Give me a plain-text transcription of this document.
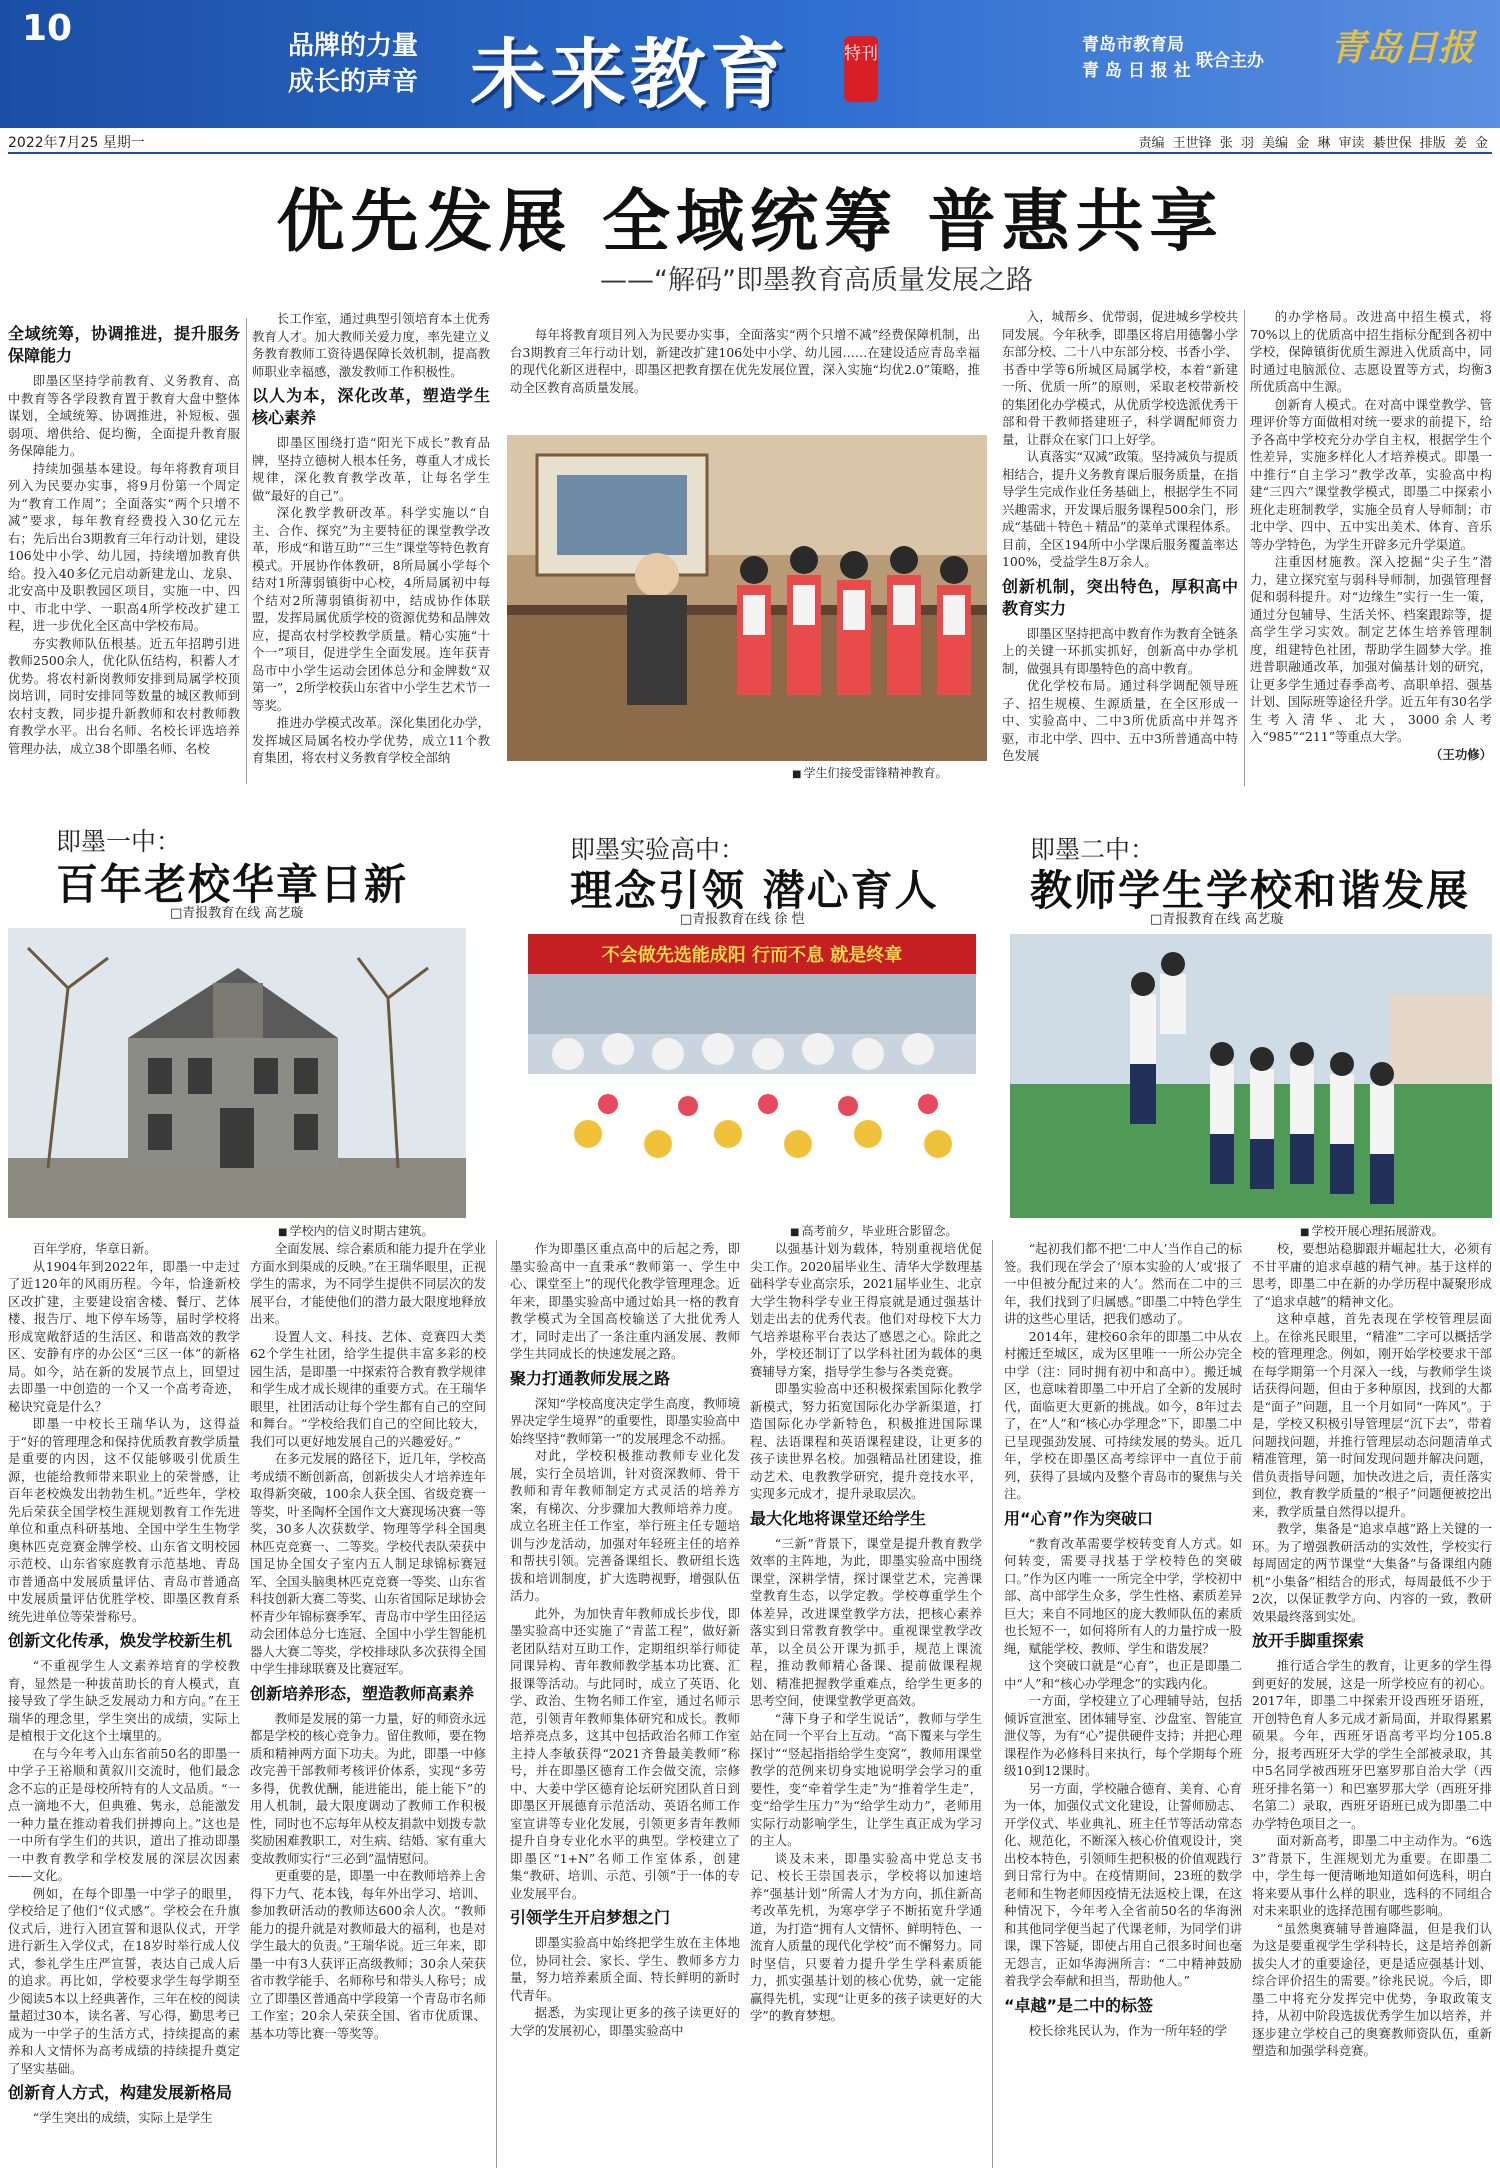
10	品牌的力量
成长的声音 未来教育	特刊	青岛市教育局
青 岛 日 报 社 联合主办 青岛日报
2022年7月25 星期一	责编 王世锋 张 羽 美编 金 琳 审读 綦世保 排版 姜 金
优先发展 全域统筹 普惠共享
——“解码”即墨教育高质量发展之路
全域统筹，协调推进，提升服务保障能力

即墨区坚持学前教育、义务教育、高中教育等各学段教育置于教育大盘中整体谋划，全域统筹、协调推进，补短板、强弱项、增供给、促均衡，全面提升教育服务保障能力。

持续加强基本建设。每年将教育项目列入为民要办实事，将9月份第一个周定为“教育工作周”；全面落实“两个只增不减”要求，每年教育经费投入30亿元左右；先后出台3期教育三年行动计划，建设106处中小学、幼儿园，持续增加教育供给。投入40多亿元启动新建龙山、龙泉、北安高中及职教园区项目，实施一中、四中、市北中学、一职高4所学校改扩建工程，进一步优化全区高中学校布局。

夯实教师队伍根基。近五年招聘引进教师2500余人，优化队伍结构，积蓄人才优势。将农村新岗教师安排到局属学校顶岗培训，同时安排同等数量的城区教师到农村支教，同步提升新教师和农村教师教育教学水平。出台名师、名校长评选培养管理办法，成立38个即墨名师、名校

长工作室，通过典型引领培育本土优秀教育人才。加大教师关爱力度，率先建立义务教育教师工资待遇保障长效机制，提高教师职业幸福感，激发教师工作积极性。

以人为本，深化改革，塑造学生核心素养

即墨区围绕打造“阳光下成长”教育品牌，坚持立德树人根本任务，尊重人才成长规律，深化教育教学改革，让每名学生做“最好的自己”。

深化教学教研改革。科学实施以“自主、合作、探究”为主要特征的课堂教学改革，形成“和谐互助”“三生”课堂等特色教育模式。开展协作体教研，8所局属小学每个结对1所薄弱镇街中心校，4所局属初中每个结对2所薄弱镇街初中，结成协作体联盟，发挥局属优质学校的资源优势和品牌效应，提高农村学校教学质量。精心实施“十个一”项目，促进学生全面发展。连年获青岛市中小学生运动会团体总分和金牌数“双第一”，2所学校获山东省中小学生艺术节一等奖。

推进办学模式改革。深化集团化办学，发挥城区局属名校办学优势，成立11个教育集团，将农村义务教育学校全部纳

每年将教育项目列入为民要办实事，全面落实“两个只增不减”经费保障机制，出台3期教育三年行动计划，新建改扩建106处中小学、幼儿园……在建设适应青岛幸福的现代化新区进程中，即墨区把教育摆在优先发展位置，深入实施“均优2.0”策略，推动全区教育高质量发展。

■ 学生们接受雷锋精神教育。

入，城帮乡、优带弱，促进城乡学校共同发展。今年秋季，即墨区将启用德馨小学东部分校、二十八中东部分校、书香小学、书香中学等6所城区局属学校，本着“新建一所、优质一所”的原则，采取老校带新校的集团化办学模式，从优质学校选派优秀干部和骨干教师搭建班子，科学调配师资力量，让群众在家门口上好学。

认真落实“双减”政策。坚持减负与提质相结合，提升义务教育课后服务质量，在指导学生完成作业任务基础上，根据学生不同兴趣需求，开发课后服务课程500余门，形成“基础＋特色＋精品”的菜单式课程体系。目前，全区194所中小学课后服务覆盖率达100%，受益学生8万余人。

创新机制，突出特色，厚积高中教育实力

即墨区坚持把高中教育作为教育全链条上的关键一环抓实抓好，创新高中办学机制，做强具有即墨特色的高中教育。

优化学校布局。通过科学调配领导班子、招生规模、生源质量，在全区形成一中、实验高中、二中3所优质高中并驾齐驱，市北中学、四中、五中3所普通高中特色发展

的办学格局。改进高中招生模式，将70%以上的优质高中招生指标分配到各初中学校，保障镇街优质生源进入优质高中，同时通过电脑派位、志愿设置等方式，均衡3所优质高中生源。

创新育人模式。在对高中课堂教学、管理评价等方面做相对统一要求的前提下，给予各高中学校充分办学自主权，根据学生个性差异，实施多样化人才培养模式。即墨一中推行“自主学习”教学改革，实验高中构建“三四六”课堂教学模式，即墨二中探索小班化走班制教学，实施全员育人导师制；市北中学、四中、五中实出美术、体育、音乐等办学特色，为学生开辟多元升学渠道。

注重因材施教。深入挖掘“尖子生”潜力，建立探究室与弱科导师制，加强管理督促和弱科提升。对“边缘生”实行一生一策，通过分包辅导、生活关怀、档案跟踪等，提高学生学习实效。制定艺体生培养管理制度，组建特色社团，帮助学生圆梦大学。推进普职融通改革，加强对偏基计划的研究，让更多学生通过春季高考、高职单招、强基计划、国际班等途径升学。近五年有30名学生考入清华、北大，3000余人考入“985”“211”等重点大学。

（王功修）
即墨一中：
百年老校华章日新
□青报教育在线 高艺璇
即墨实验高中：
理念引领 潜心育人
□青报教育在线 徐 恺
即墨二中：
教师学生学校和谐发展
□青报教育在线 高艺璇
■ 学校内的信义时期古建筑。
不会做先选能成阳 行而不息 就是终章
■ 高考前夕，毕业班合影留念。
■	学校开展心理拓展游戏。

百年学府，华章日新。

从1904年到2022年，即墨一中走过了近120年的风雨历程。今年，恰逢新校区改扩建，主要建设宿舍楼、餐厅、艺体楼、报告厅、地下停车场等，届时学校将形成宽敞舒适的生活区、和谐高效的教学区、安静有序的办公区“三区一体”的新格局。如今，站在新的发展节点上，回望过去即墨一中创造的一个又一个高考奇迹，秘诀究竟是什么？

即墨一中校长王瑞华认为，这得益于“好的管理理念和保持优质教育教学质量是重要的内因，这不仅能够吸引优质生源，也能给教师带来职业上的荣誉感，让百年老校焕发出勃勃生机。”近些年，学校先后荣获全国学校生涯规划教育工作先进单位和重点科研基地、全国中学生生物学奥林匹克竞赛金牌学校、山东省文明校园示范校、山东省家庭教育示范基地、青岛市普通高中发展质量评估、青岛市普通高中发展质量评估优胜学校、即墨区教育系统先进单位等荣誉称号。

创新文化传承，焕发学校新生机

“不重视学生人文素养培育的学校教育，显然是一种拔苗助长的育人模式，直接导致了学生缺乏发展动力和方向。”在王瑞华的理念里，学生突出的成绩，实际上是植根于文化这个土壤里的。

在与今年考入山东省前50名的即墨一中学子王裕顺和黄叙川交流时，他们最念念不忘的正是母校所特有的人文品质。“一点一滴地不大，但典雅、隽永，总能激发一种力量在推动着我们拼搏向上。”这也是一中所有学生们的共识，道出了推动即墨一中教育教学和学校发展的深层次因素——文化。

例如，在每个即墨一中学子的眼里，学校给足了他们“仪式感”。学校会在升旗仪式后，进行入团宣誓和退队仪式，开学进行新生入学仪式，在18岁时举行成人仪式，参礼学生庄严宣誓，表达自己成人后的追求。再比如，学校要求学生每学期至少阅读5本以上经典著作，三年在校的阅读量超过30本，读名著、写心得，勤思考已成为一中学子的生活方式，持续提高的素养和人文情怀为高考成绩的持续提升奠定了坚实基础。

创新育人方式，构建发展新格局

“学生突出的成绩，实际上是学生

全面发展、综合素质和能力提升在学业方面水到渠成的反映。”在王瑞华眼里，正视学生的需求，为不同学生提供不同层次的发展平台，才能使他们的潜力最大限度地释放出来。

设置人文、科技、艺体、竞赛四大类62个学生社团，给学生提供丰富多彩的校园生活，是即墨一中探索符合教育教学规律和学生成才成长规律的重要方式。在王瑞华眼里，社团活动让每个学生都有自己的空间和舞台。“学校给我们自己的空间比较大，我们可以更好地发展自己的兴趣爱好。”

在多元发展的路径下，近几年，学校高考成绩不断创新高，创新拔尖人才培养连年取得新突破，100余人获全国、省级竞赛一等奖，叶圣陶杯全国作文大赛现场决赛一等奖，30多人次获数学、物理等学科全国奥林匹克竞赛一、二等奖。学校代表队荣获中国足协全国女子室内五人制足球锦标赛冠军、全国头脑奥林匹克竞赛一等奖、山东省科技创新大赛二等奖、山东省国际足球协会杯青少年锦标赛季军、青岛市中学生田径运动会团体总分七连冠、全国中小学生智能机器人大赛二等奖，学校排球队多次获得全国中学生排球联赛及比赛冠军。

创新培养形态，塑造教师高素养

教师是发展的第一力量，好的师资永远都是学校的核心竞争力。留住教师，要在物质和精神两方面下功夫。为此，即墨一中修改完善干部教师考核评价体系，实现“多劳多得，优教优酬，能进能出，能上能下”的用人机制，最大限度调动了教师工作积极性，同时也不忘每年从校友捐款中划拨专款奖励困难教职工，对生病、结婚、家有重大变故教师实行“三必到”温情慰问。

更重要的是，即墨一中在教师培养上舍得下力气、花本钱，每年外出学习、培训、参加教研活动的教师达600余人次。“教师能力的提升就是对教师最大的福利，也是对学生最大的负责。”王瑞华说。近三年来，即墨一中有3人获评正高级教师；30余人荣获省市教学能手、名师称号和带头人称号；成立了即墨区普通高中学段第一个青岛市名师工作室；20余人荣获全国、省市优质课、基本功等比赛一等奖等。

作为即墨区重点高中的后起之秀，即墨实验高中一直秉承“教师第一、学生中心、课堂至上”的现代化教学管理理念。近年来，即墨实验高中通过始具一格的教育教学模式为全国高校输送了大批优秀人才，同时走出了一条注重内涵发展、教师学生共同成长的快速发展之路。

聚力打通教师发展之路

深知“学校高度决定学生高度，教师境界决定学生境界”的重要性，即墨实验高中始终坚持“教师第一”的发展理念不动摇。

对此，学校积极推动教师专业化发展，实行全员培训，针对资深教师、骨干教师和青年教师制定方式灵活的培养方案，有梯次、分步骤加大教师培养力度。成立名班主任工作室，举行班主任专题培训与沙龙活动，加强对年轻班主任的培养和帮扶引领。完善备课组长、教研组长选拔和培训制度，扩大选聘视野，增强队伍活力。

此外，为加快青年教师成长步伐，即墨实验高中还实施了“青蓝工程”，做好新老团队结对互助工作，定期组织举行师徒同课异构、青年教师教学基本功比赛、汇报课等活动。与此同时，成立了英语、化学、政治、生物名师工作室，通过名师示范，引领青年教师集体研究和成长。教师培养亮点多，这其中包括政治名师工作室主持人李敏获得“2021齐鲁最美教师”称号，并在即墨区德育工作会做交流，宗修中、大姜中学区德育论坛研究团队首日到即墨区开展德育示范活动、英语名师工作室宣讲等专业化发展，引领更多青年教师提升自身专业化水平的典型。学校建立了即墨区“1+N”名师工作室体系，创建集“教研、培训、示范、引领”于一体的专业发展平台。

引领学生开启梦想之门

即墨实验高中始终把学生放在主体地位，协同社会、家长、学生、教师多方力量，努力培养素质全面、特长鲜明的新时代青年。

据悉，为实现让更多的孩子读更好的大学的发展初心，即墨实验高中

以强基计划为载体，特别重视培优促尖工作。2020届毕业生、清华大学数理基础科学专业高宗乐，2021届毕业生、北京大学生物科学专业王得宸就是通过强基计划走出去的优秀代表。他们对母校下大力气培养堪称平台表达了感恩之心。除此之外，学校还制订了以学科社团为载体的奥赛辅导方案，指导学生参与各类竞赛。

即墨实验高中还积极探索国际化教学新模式，努力拓宽国际化办学新渠道，打造国际化办学新特色，积极推进国际课程、法语课程和英语课程建设，让更多的孩子读世界名校。加强精品社团建设，推动艺术、电教教学研究，提升竞技水平，实现多元成才，提升录取层次。

最大化地将课堂还给学生

“三新”背景下，课堂是提升教育教学效率的主阵地，为此，即墨实验高中围绕课堂，深耕学情，探讨课堂艺术，完善课堂教育生态，以学定教。学校尊重学生个体差异，改进课堂教学方法，把核心素养落实到日常教育教学中。重视课堂教学改革，以全员公开课为抓手，规范上课流程，推动教师精心备课、提前做课程规划、精准把握教学重难点，给学生更多的思考空间，使课堂教学更高效。

“薄下身子和学生说话”，教师与学生站在同一个平台上互动。“高下覆来与学生探讨”“竖起指指给学生变窝”，教师用课堂教学的范例来切身实地说明学会学习的重要性，变“牵着学生走”为“推着学生走”，变“给学生压力”为“给学生动力”，老师用实际行动影响学生，让学生真正成为学习的主人。

谈及未来，即墨实验高中党总支书记、校长王崇国表示，学校将以加速培养“强基计划”所需人才为方向，抓住新高考改革先机，为寒亭学子不断拓宽升学通道，为打造“拥有人文情怀、鲜明特色、一流育人质量的现代化学校”而不懈努力。同时坚信，只要着力提升学生学科素质能力，抓实强基计划的核心优势，就一定能赢得先机，实现“让更多的孩子读更好的大学”的教育梦想。

“起初我们都不把‘二中人’当作自己的标签。我们现在学会了‘原本实验的人’或‘报了一中但被分配过来的人’。然而在二中的三年，我们找到了归属感。”即墨二中特色学生讲的这些心里话，把我们感动了。

2014年，建校60余年的即墨二中从农村搬迁至城区，成为区里唯一一所公办完全中学（注：同时拥有初中和高中）。搬迁城区，也意味着即墨二中开启了全新的发展时代，面临更大更新的挑战。如今，8年过去了，在“人”和“核心办学理念”下，即墨二中已呈现强劲发展、可持续发展的势头。近几年，学校在即墨区高考综评中一直位于前列，获得了县域内及整个青岛市的聚焦与关注。

用“心育”作为突破口

“教育改革需要学校转变育人方式。如何转变，需要寻找基于学校特色的突破口。”作为区内唯一一所完全中学，学校初中部、高中部学生众多，学生性格、素质差异巨大；来自不同地区的庞大教师队伍的素质也长短不一，如何将所有人的力量拧成一股绳，赋能学校、教师、学生和谐发展？

这个突破口就是“心育”，也正是即墨二中“人”和“核心办学理念”的实践内化。

一方面，学校建立了心理辅导站，包括倾诉宣泄室、团体辅导室、沙盘室、智能宣泄仪等，为有“心”提供硬件支持；并把心理课程作为必修科目来执行，每个学期每个班级10到12课时。

另一方面，学校融合德育、美育、心育为一体，加强仪式文化建设，让誓师励志、开学仪式、毕业典礼、班主任节等活动常态化、规范化，不断深入核心价值观设计，突出校本特色，引领师生把积极的价值观践行到日常行为中。在疫情期间，23班的数学老师和生物老师因疫情无法返校上课，在这种情况下，今年考入全省前50名的华海洲和其他同学便当起了代课老师，为同学们讲课，课下答疑，即使占用自己很多时间也毫无怨言，正如华海洲所言：“二中精神鼓励着我学会奉献和担当，帮助他人。”

“卓越”是二中的标签

校长徐兆民认为，作为一所年轻的学

校，要想站稳脚跟并崛起壮大，必须有不甘平庸的追求卓越的精气神。基于这样的思考，即墨二中在新的办学历程中凝聚形成了“追求卓越”的精神文化。

这种卓越，首先表现在学校管理层面上。在徐兆民眼里，“精准”二字可以概括学校的管理理念。例如，刚开始学校要求干部在每学期第一个月深入一线，与教师学生谈话获得问题，但由于多种原因，找到的大都是“面子”问题，且一个月如同“一阵风”。于是，学校又积极引导管理层“沉下去”，带着问题找问题，并推行管理层动态问题清单式精准管理，第一时间发现问题并解决问题，借负责指导问题，加快改进之后，责任落实到位，教育教学质量的“根子”问题便被挖出来，教学质量自然得以提升。

教学，集备是“追求卓越”路上关键的一环。为了增强教研活动的实效性，学校实行每周固定的两节课堂“大集备”与备课组内随机“小集备”相结合的形式，每周最低不少于2次，以保证教学方向、内容的一致，教研效果最终落到实处。

放开手脚重探索

推行适合学生的教育，让更多的学生得到更好的发展，这是一所学校应有的初心。2017年，即墨二中探索开设西班牙语班，开创特色育人多元成才新局面，并取得累累硕果。今年，西班牙语高考平均分105.8分，报考西班牙大学的学生全部被录取，其中5名同学被西班牙巴塞罗那自治大学（西班牙排名第一）和巴塞罗那大学（西班牙排名第二）录取，西班牙语班已成为即墨二中办学特色项目之一。

面对新高考，即墨二中主动作为。“6选3”背景下，生涯规划尤为重要。在即墨二中，学生每一便清晰地知道如何选科，明白将来要从事什么样的职业，选科的不同组合对未来职业的选择范围有哪些影响。

“虽然奥赛辅导普遍降温，但是我们认为这是要重视学生学科特长，这是培养创新拔尖人才的重要途径，更是适应强基计划、综合评价招生的需要。”徐兆民说。今后，即墨二中将充分发挥完中优势，争取政策支持，从初中阶段选拔优秀学生加以培养，并逐步建立学校自己的奥赛教师资队伍，重新塑造和加强学科竞赛。
